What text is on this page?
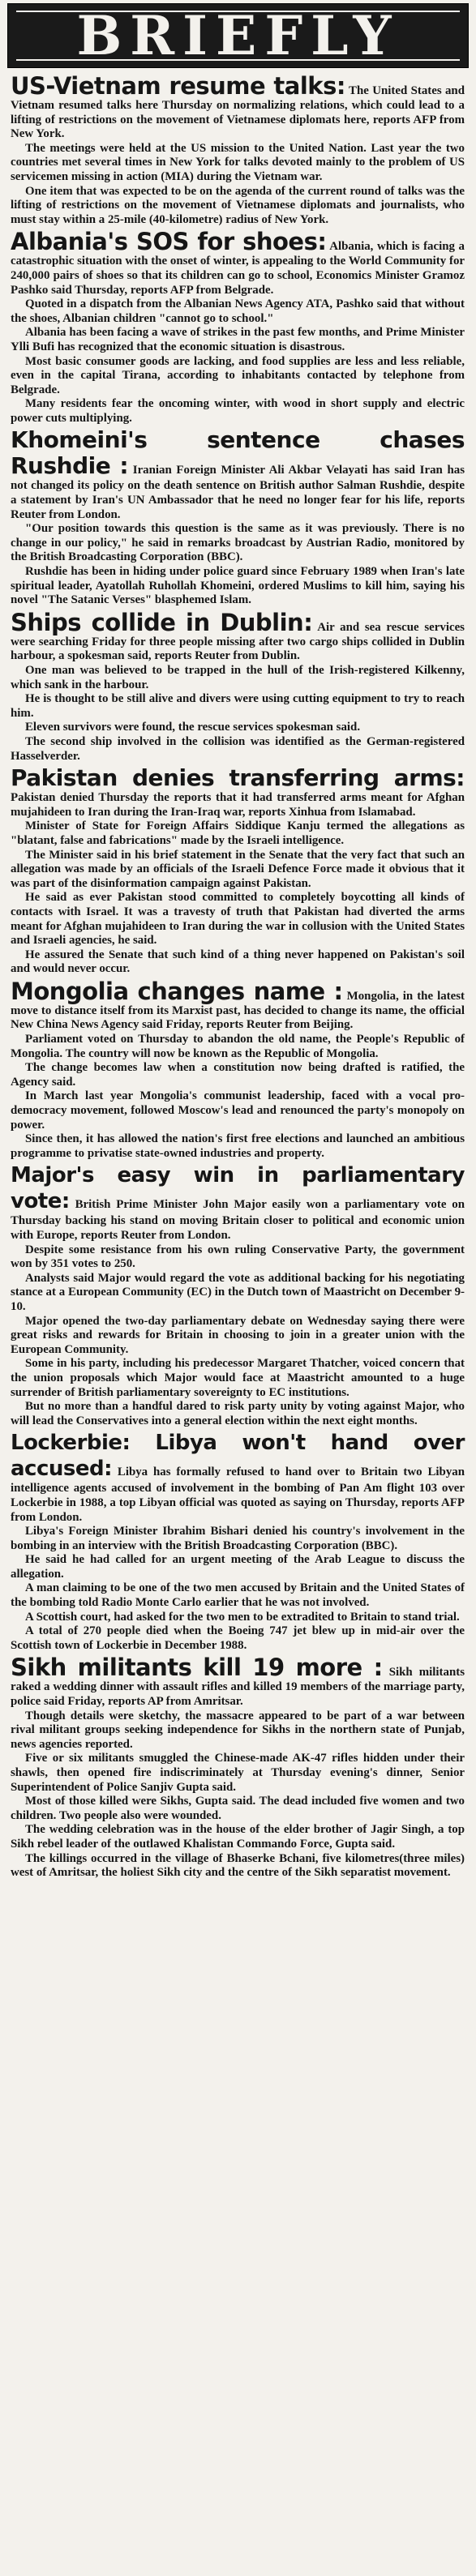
BRIEFLY

US-Vietnam resume talks: The United States and Vietnam resumed talks here Thursday on normalizing relations, which could lead to a lifting of restrictions on the movement of Vietnamese diplomats here, reports AFP from New York.

The meetings were held at the US mission to the United Nation. Last year the two countries met several times in New York for talks devoted mainly to the problem of US servicemen missing in action (MIA) during the Vietnam war.

One item that was expected to be on the agenda of the current round of talks was the lifting of restrictions on the movement of Vietnamese diplomats and journalists, who must stay within a 25-mile (40-kilometre) radius of New York.

Albania's SOS for shoes: Albania, which is facing a catastrophic situation with the onset of winter, is appealing to the World Community for 240,000 pairs of shoes so that its children can go to school, Economics Minister Gramoz Pashko said Thursday, reports AFP from Belgrade.

Quoted in a dispatch from the Albanian News Agency ATA, Pashko said that without the shoes, Albanian children "cannot go to school."

Albania has been facing a wave of strikes in the past few months, and Prime Minister Ylli Bufi has recognized that the economic situation is disastrous.

Most basic consumer goods are lacking, and food supplies are less and less reliable, even in the capital Tirana, according to inhabitants contacted by telephone from Belgrade.

Many residents fear the oncoming winter, with wood in short supply and electric power cuts multiplying.

Khomeini's sentence chases Rushdie : Iranian Foreign Minister Ali Akbar Velayati has said Iran has not changed its policy on the death sentence on British author Salman Rushdie, despite a statement by Iran's UN Ambassador that he need no longer fear for his life, reports Reuter from London.

"Our position towards this question is the same as it was previously. There is no change in our policy," he said in remarks broadcast by Austrian Radio, monitored by the British Broadcasting Corporation (BBC).

Rushdie has been in hiding under police guard since February 1989 when Iran's late spiritual leader, Ayatollah Ruhollah Khomeini, ordered Muslims to kill him, saying his novel "The Satanic Verses" blasphemed Islam.

Ships collide in Dublin: Air and sea rescue services were searching Friday for three people missing after two cargo ships collided in Dublin harbour, a spokesman said, reports Reuter from Dublin.

One man was believed to be trapped in the hull of the Irish-registered Kilkenny, which sank in the harbour.

He is thought to be still alive and divers were using cutting equipment to try to reach him.

Eleven survivors were found, the rescue services spokesman said.

The second ship involved in the collision was identified as the German-registered Hasselverder.

Pakistan denies transferring arms: Pakistan denied Thursday the reports that it had transferred arms meant for Afghan mujahideen to Iran during the Iran-Iraq war, reports Xinhua from Islamabad.

Minister of State for Foreign Affairs Siddique Kanju termed the allegations as "blatant, false and fabrications" made by the Israeli intelligence.

The Minister said in his brief statement in the Senate that the very fact that such an allegation was made by an officials of the Israeli Defence Force made it obvious that it was part of the disinformation campaign against Pakistan.

He said as ever Pakistan stood committed to completely boycotting all kinds of contacts with Israel. It was a travesty of truth that Pakistan had diverted the arms meant for Afghan mujahideen to Iran during the war in collusion with the United States and Israeli agencies, he said.

He assured the Senate that such kind of a thing never happened on Pakistan's soil and would never occur.

Mongolia changes name : Mongolia, in the latest move to distance itself from its Marxist past, has decided to change its name, the official New China News Agency said Friday, reports Reuter from Beijing.

Parliament voted on Thursday to abandon the old name, the People's Republic of Mongolia. The country will now be known as the Republic of Mongolia.

The change becomes law when a constitution now being drafted is ratified, the Agency said.

In March last year Mongolia's communist leadership, faced with a vocal pro-democracy movement, followed Moscow's lead and renounced the party's monopoly on power.

Since then, it has allowed the nation's first free elections and launched an ambitious programme to privatise state-owned industries and property.

Major's easy win in parliamentary vote: British Prime Minister John Major easily won a parliamentary vote on Thursday backing his stand on moving Britain closer to political and economic union with Europe, reports Reuter from London.

Despite some resistance from his own ruling Conservative Party, the government won by 351 votes to 250.

Analysts said Major would regard the vote as additional backing for his negotiating stance at a European Community (EC) in the Dutch town of Maastricht on December 9-10.

Major opened the two-day parliamentary debate on Wednesday saying there were great risks and rewards for Britain in choosing to join in a greater union with the European Community.

Some in his party, including his predecessor Margaret Thatcher, voiced concern that the union proposals which Major would face at Maastricht amounted to a huge surrender of British parliamentary sovereignty to EC institutions.

But no more than a handful dared to risk party unity by voting against Major, who will lead the Conservatives into a general election within the next eight months.

Lockerbie: Libya won't hand over accused: Libya has formally refused to hand over to Britain two Libyan intelligence agents accused of involvement in the bombing of Pan Am flight 103 over Lockerbie in 1988, a top Libyan official was quoted as saying on Thursday, reports AFP from London.

Libya's Foreign Minister Ibrahim Bishari denied his country's involvement in the bombing in an interview with the British Broadcasting Corporation (BBC).

He said he had called for an urgent meeting of the Arab League to discuss the allegation.

A man claiming to be one of the two men accused by Britain and the United States of the bombing told Radio Monte Carlo earlier that he was not involved.

A Scottish court, had asked for the two men to be extradited to Britain to stand trial.

A total of 270 people died when the Boeing 747 jet blew up in mid-air over the Scottish town of Lockerbie in December 1988.

Sikh militants kill 19 more : Sikh militants raked a wedding dinner with assault rifles and killed 19 members of the marriage party, police said Friday, reports AP from Amritsar.

Though details were sketchy, the massacre appeared to be part of a war between rival militant groups seeking independence for Sikhs in the northern state of Punjab, news agencies reported.

Five or six militants smuggled the Chinese-made AK-47 rifles hidden under their shawls, then opened fire indiscriminately at Thursday evening's dinner, Senior Superintendent of Police Sanjiv Gupta said.

Most of those killed were Sikhs, Gupta said. The dead included five women and two children. Two people also were wounded.

The wedding celebration was in the house of the elder brother of Jagir Singh, a top Sikh rebel leader of the outlawed Khalistan Commando Force, Gupta said.

The killings occurred in the village of Bhaserke Bchani, five kilometres(three miles) west of Amritsar, the holiest Sikh city and the centre of the Sikh separatist movement.
